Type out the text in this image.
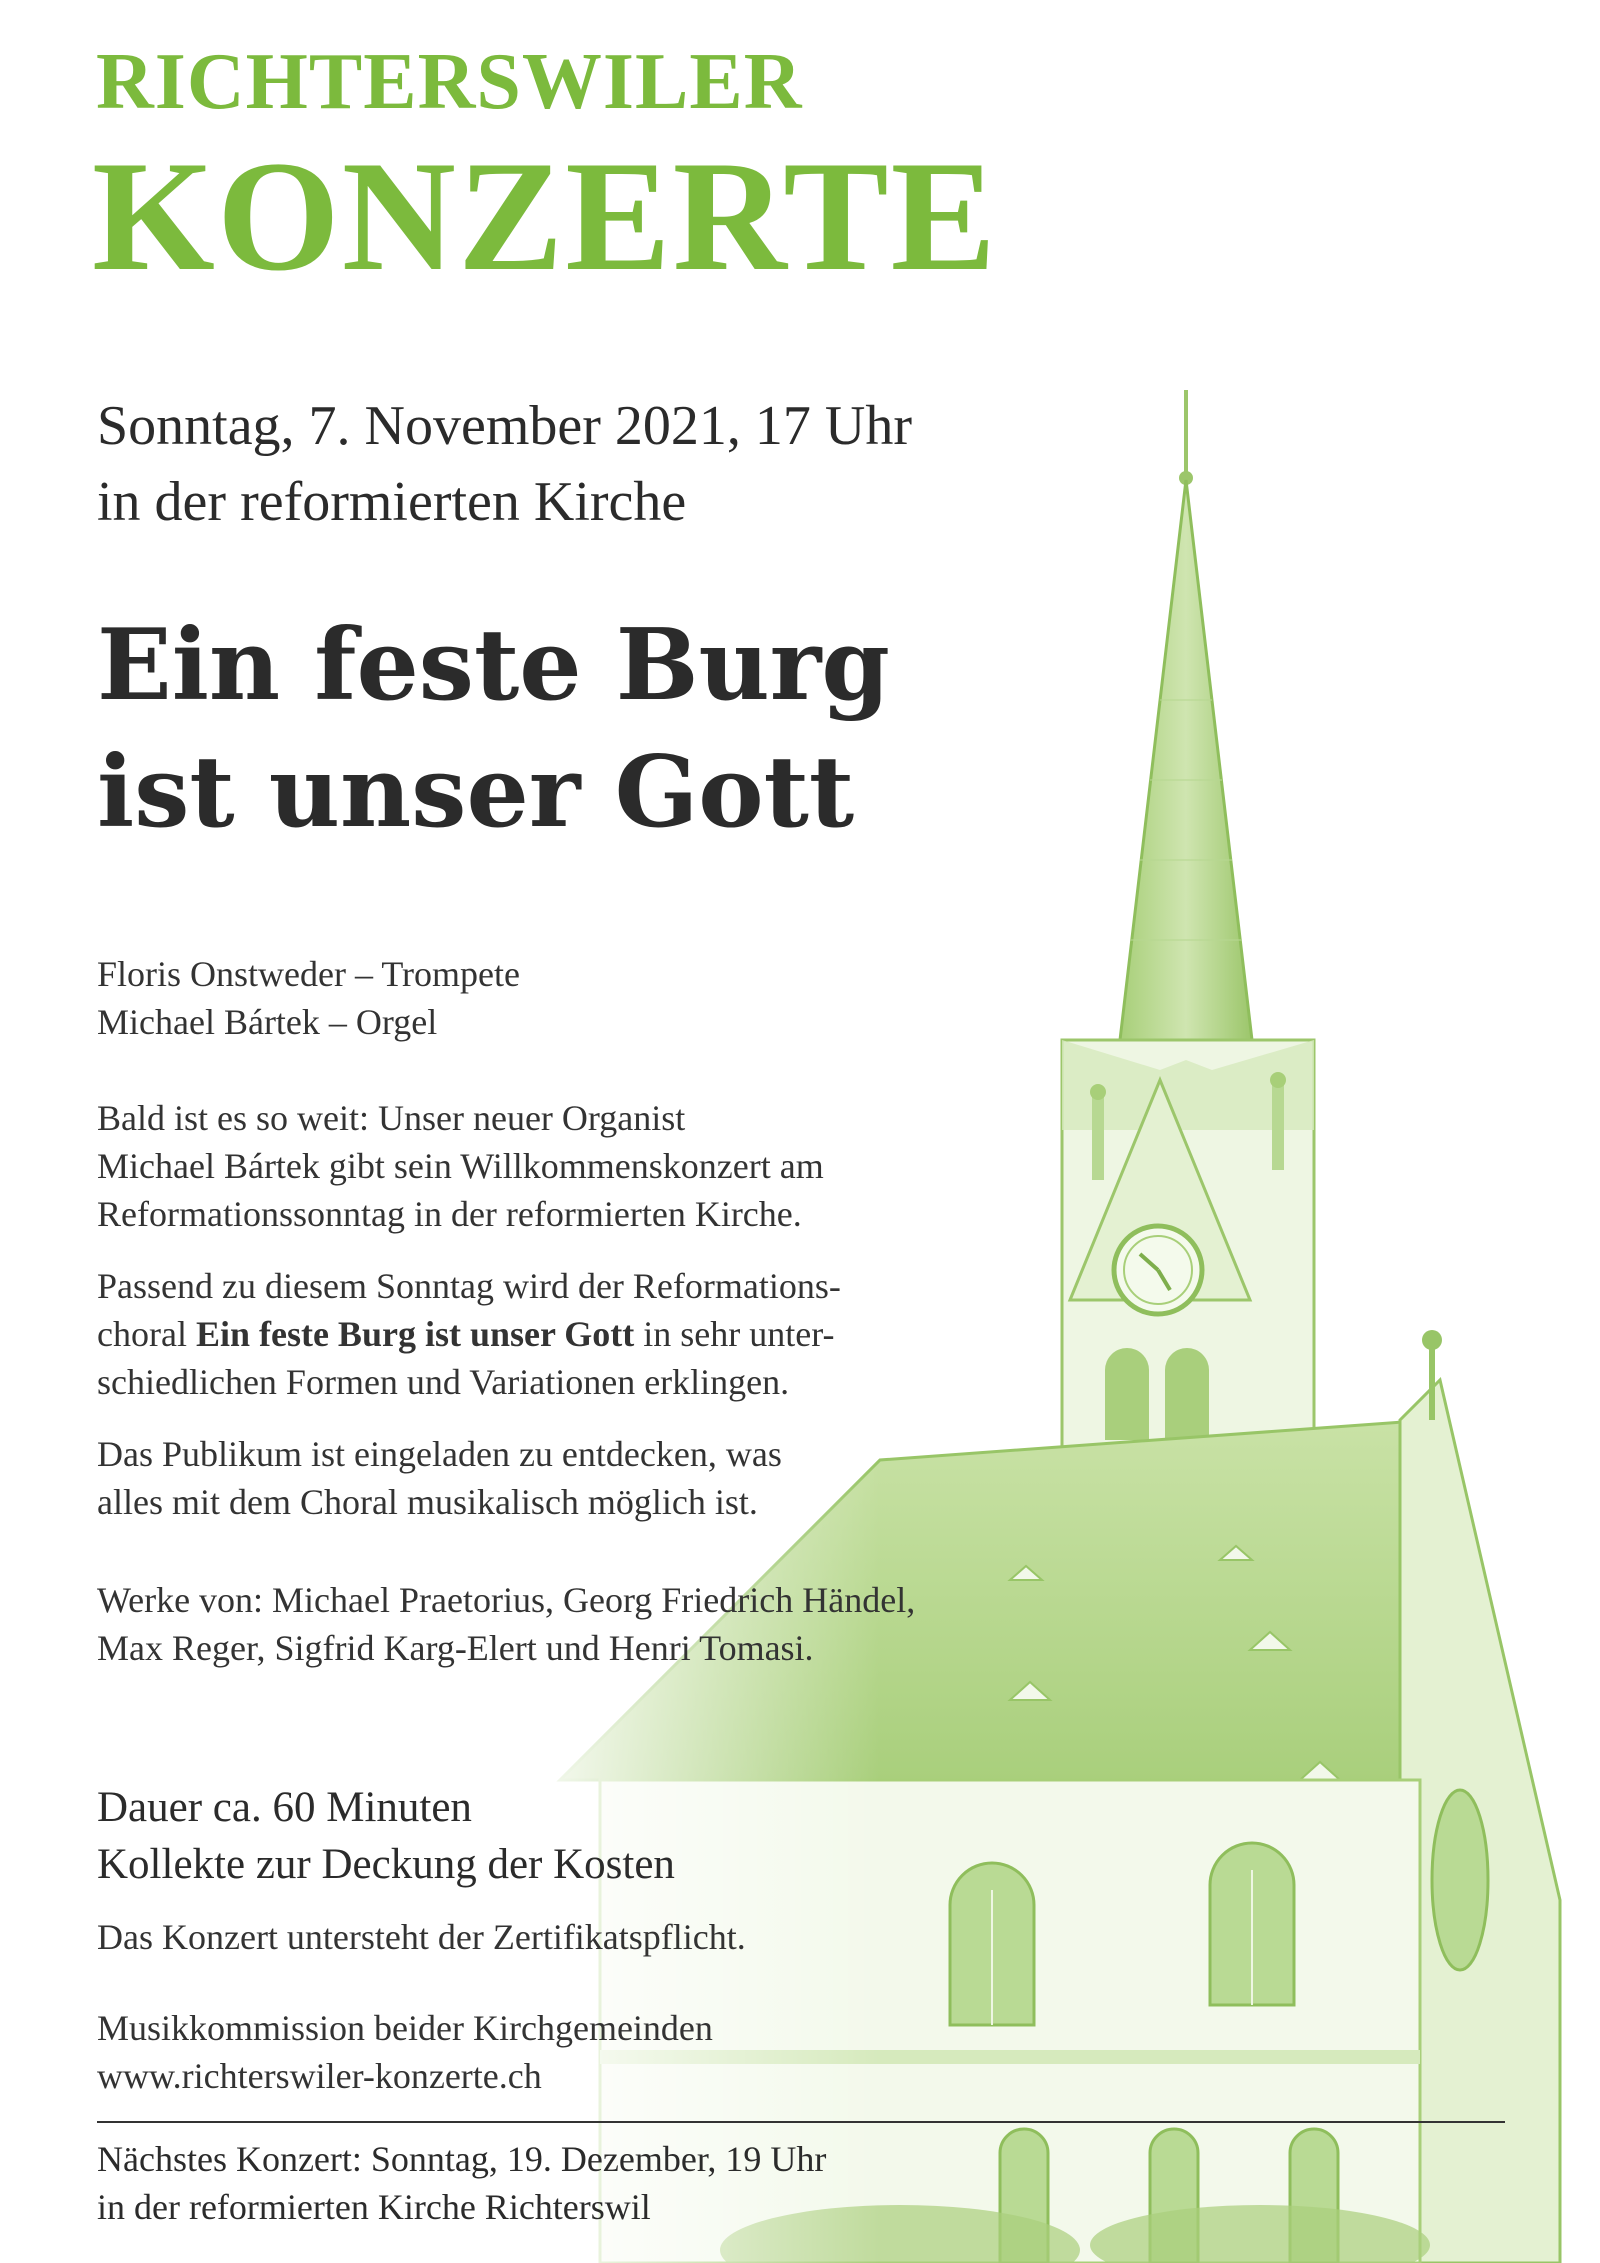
RICHTERSWILER
KONZERTE
Sonntag, 7. November 2021, 17 Uhr
in der reformierten Kirche
Ein feste Burg
ist unser Gott
Floris Onstweder – Trompete
Michael Bártek – Orgel
Bald ist es so weit: Unser neuer Organist
Michael Bártek gibt sein Willkommenskonzert am
Reformationssonntag in der reformierten Kirche.
Passend zu diesem Sonntag wird der Reformations-
choral Ein feste Burg ist unser Gott in sehr unter-
schiedlichen Formen und Variationen erklingen.
Das Publikum ist eingeladen zu entdecken, was
alles mit dem Choral musikalisch möglich ist.
Werke von: Michael Praetorius, Georg Friedrich Händel,
Max Reger, Sigfrid Karg-Elert und Henri Tomasi.
Dauer ca. 60 Minuten
Kollekte zur Deckung der Kosten
Das Konzert untersteht der Zertifikatspflicht.
Musikkommission beider Kirchgemeinden
www.richterswiler-konzerte.ch
Nächstes Konzert: Sonntag, 19. Dezember, 19 Uhr
in der reformierten Kirche Richterswil
